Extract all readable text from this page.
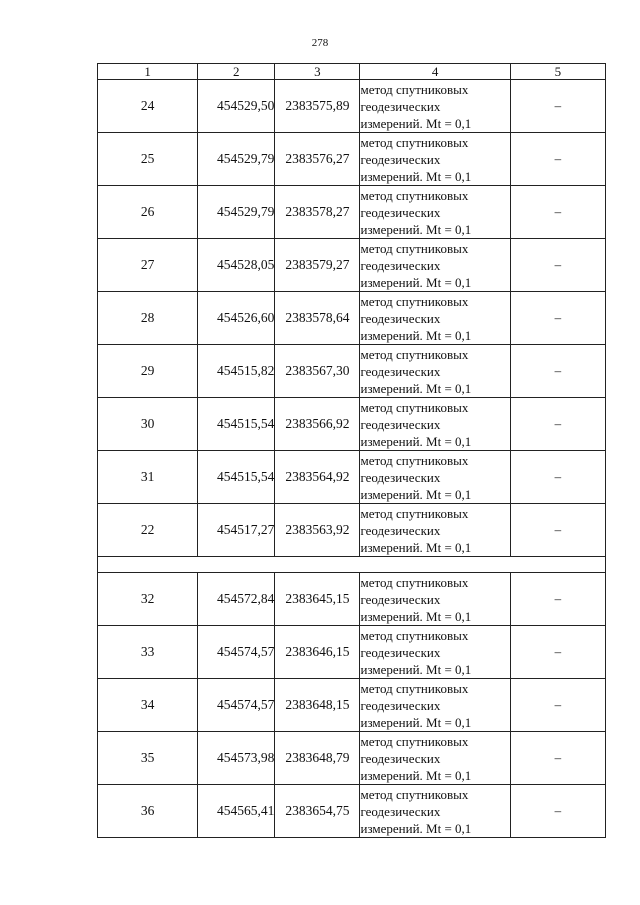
278
1	2	3	4	5
24	454529,50	2383575,89	метод спутниковых
геодезических
измерений. Mt = 0,1	–
25	454529,79	2383576,27	метод спутниковых
геодезических
измерений. Mt = 0,1	–
26	454529,79	2383578,27	метод спутниковых
геодезических
измерений. Mt = 0,1	–
27	454528,05	2383579,27	метод спутниковых
геодезических
измерений. Mt = 0,1	–
28	454526,60	2383578,64	метод спутниковых
геодезических
измерений. Mt = 0,1	–
29	454515,82	2383567,30	метод спутниковых
геодезических
измерений. Mt = 0,1	–
30	454515,54	2383566,92	метод спутниковых
геодезических
измерений. Mt = 0,1	–
31	454515,54	2383564,92	метод спутниковых
геодезических
измерений. Mt = 0,1	–
22	454517,27	2383563,92	метод спутниковых
геодезических
измерений. Mt = 0,1	–

32	454572,84	2383645,15	метод спутниковых
геодезических
измерений. Mt = 0,1	–
33	454574,57	2383646,15	метод спутниковых
геодезических
измерений. Mt = 0,1	–
34	454574,57	2383648,15	метод спутниковых
геодезических
измерений. Mt = 0,1	–
35	454573,98	2383648,79	метод спутниковых
геодезических
измерений. Mt = 0,1	–
36	454565,41	2383654,75	метод спутниковых
геодезических
измерений. Mt = 0,1	–
